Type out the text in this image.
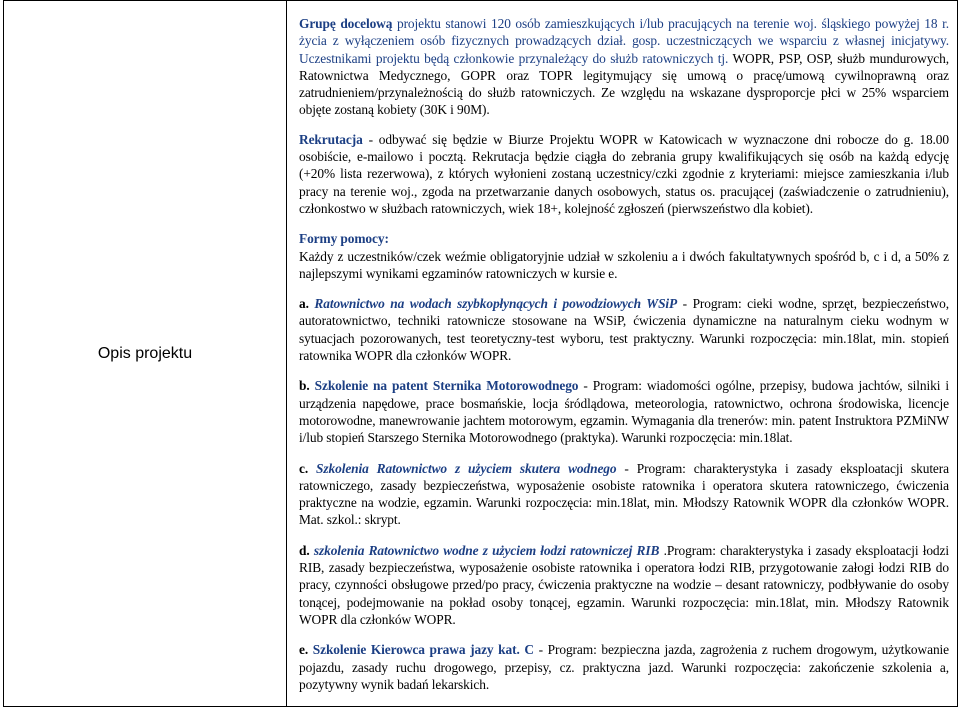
Opis projektu	

Grupę docelową projektu stanowi 120 osób zamieszkujących i/lub pracujących na terenie woj. śląskiego powyżej 18 r. życia z wyłączeniem osób fizycznych prowadzących dział. gosp. uczestniczących we wsparciu z własnej inicjatywy. Uczestnikami projektu będą członkowie przynależący do służb ratowniczych tj. WOPR, PSP, OSP, służb mundurowych, Ratownictwa Medycznego, GOPR oraz TOPR legitymujący się umową o pracę/umową cywilnoprawną oraz zatrudnieniem/przynależnością do służb ratowniczych. Ze względu na wskazane dysproporcje płci w 25% wsparciem objęte zostaną kobiety (30K i 90M).

Rekrutacja - odbywać się będzie w Biurze Projektu WOPR w Katowicach w wyznaczone dni robocze do g. 18.00 osobiście, e-mailowo i pocztą. Rekrutacja będzie ciągła do zebrania grupy kwalifikujących się osób na każdą edycję (+20% lista rezerwowa), z których wyłonieni zostaną uczestnicy/czki zgodnie z kryteriami: miejsce zamieszkania i/lub pracy na terenie woj., zgoda na przetwarzanie danych osobowych, status os. pracującej (zaświadczenie o zatrudnieniu), członkostwo w służbach ratowniczych, wiek 18+, kolejność zgłoszeń (pierwszeństwo dla kobiet).

Formy pomocy:
Każdy z uczestników/czek weźmie obligatoryjnie udział w szkoleniu a i dwóch fakultatywnych spośród b, c i d, a 50% z najlepszymi wynikami egzaminów ratowniczych w kursie e.

a. Ratownictwo na wodach szybkopłynących i powodziowych WSiP - Program: cieki wodne, sprzęt, bezpieczeństwo, autoratownictwo, techniki ratownicze stosowane na WSiP, ćwiczenia dynamiczne na naturalnym cieku wodnym w sytuacjach pozorowanych, test teoretyczny-test wyboru, test praktyczny. Warunki rozpoczęcia: min.18lat, min. stopień ratownika WOPR dla członków WOPR.

b. Szkolenie na patent Sternika Motorowodnego - Program: wiadomości ogólne, przepisy, budowa jachtów, silniki i urządzenia napędowe, prace bosmańskie, locja śródlądowa, meteorologia, ratownictwo, ochrona środowiska, licencje motorowodne, manewrowanie jachtem motorowym, egzamin. Wymagania dla trenerów: min. patent Instruktora PZMiNW i/lub stopień Starszego Sternika Motorowodnego (praktyka). Warunki rozpoczęcia: min.18lat.

c. Szkolenia Ratownictwo z użyciem skutera wodnego - Program: charakterystyka i zasady eksploatacji skutera ratowniczego, zasady bezpieczeństwa, wyposażenie osobiste ratownika i operatora skutera ratowniczego, ćwiczenia praktyczne na wodzie, egzamin. Warunki rozpoczęcia: min.18lat, min. Młodszy Ratownik WOPR dla członków WOPR. Mat. szkol.: skrypt.

d. szkolenia Ratownictwo wodne z użyciem łodzi ratowniczej RIB .Program: charakterystyka i zasady eksploatacji łodzi RIB, zasady bezpieczeństwa, wyposażenie osobiste ratownika i operatora łodzi RIB, przygotowanie załogi łodzi RIB do pracy, czynności obsługowe przed/po pracy, ćwiczenia praktyczne na wodzie – desant ratowniczy, podbływanie do osoby tonącej, podejmowanie na pokład osoby tonącej, egzamin. Warunki rozpoczęcia: min.18lat, min. Młodszy Ratownik WOPR dla członków WOPR.

e. Szkolenie Kierowca prawa jazy kat. C - Program: bezpieczna jazda, zagrożenia z ruchem drogowym, użytkowanie pojazdu, zasady ruchu drogowego, przepisy, cz. praktyczna jazd. Warunki rozpoczęcia: zakończenie szkolenia a, pozytywny wynik badań lekarskich.
